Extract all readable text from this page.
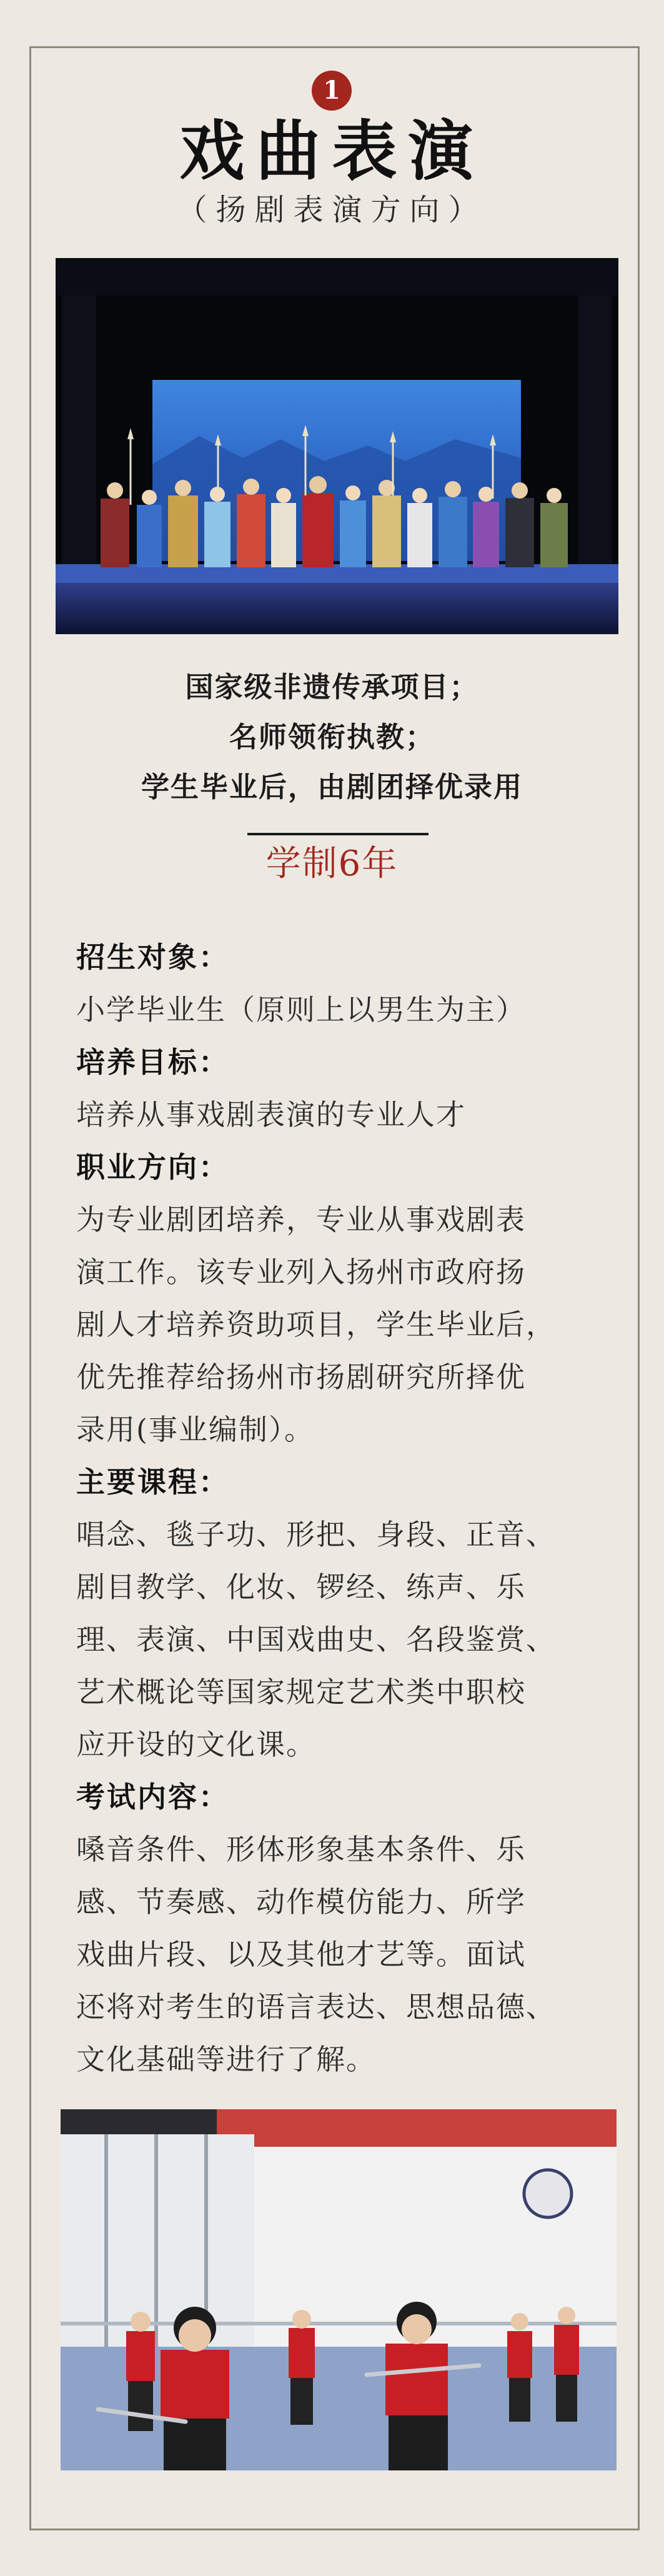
1
戏曲表演
（扬剧表演方向）
国家级非遗传承项目；
名师领衔执教；
学生毕业后，由剧团择优录用
学制6年
招生对象：
小学毕业生（原则上以男生为主）
培养目标：
培养从事戏剧表演的专业人才
职业方向：
为专业剧团培养，专业从事戏剧表
演工作。该专业列入扬州市政府扬
剧人才培养资助项目，学生毕业后，
优先推荐给扬州市扬剧研究所择优
录用(事业编制）。
主要课程：
唱念、毯子功、形把、身段、正音、
剧目教学、化妆、锣经、练声、乐
理、表演、中国戏曲史、名段鉴赏、
艺术概论等国家规定艺术类中职校
应开设的文化课。
考试内容：
嗓音条件、形体形象基本条件、乐
感、节奏感、动作模仿能力、所学
戏曲片段、以及其他才艺等。面试
还将对考生的语言表达、思想品德、
文化基础等进行了解。
